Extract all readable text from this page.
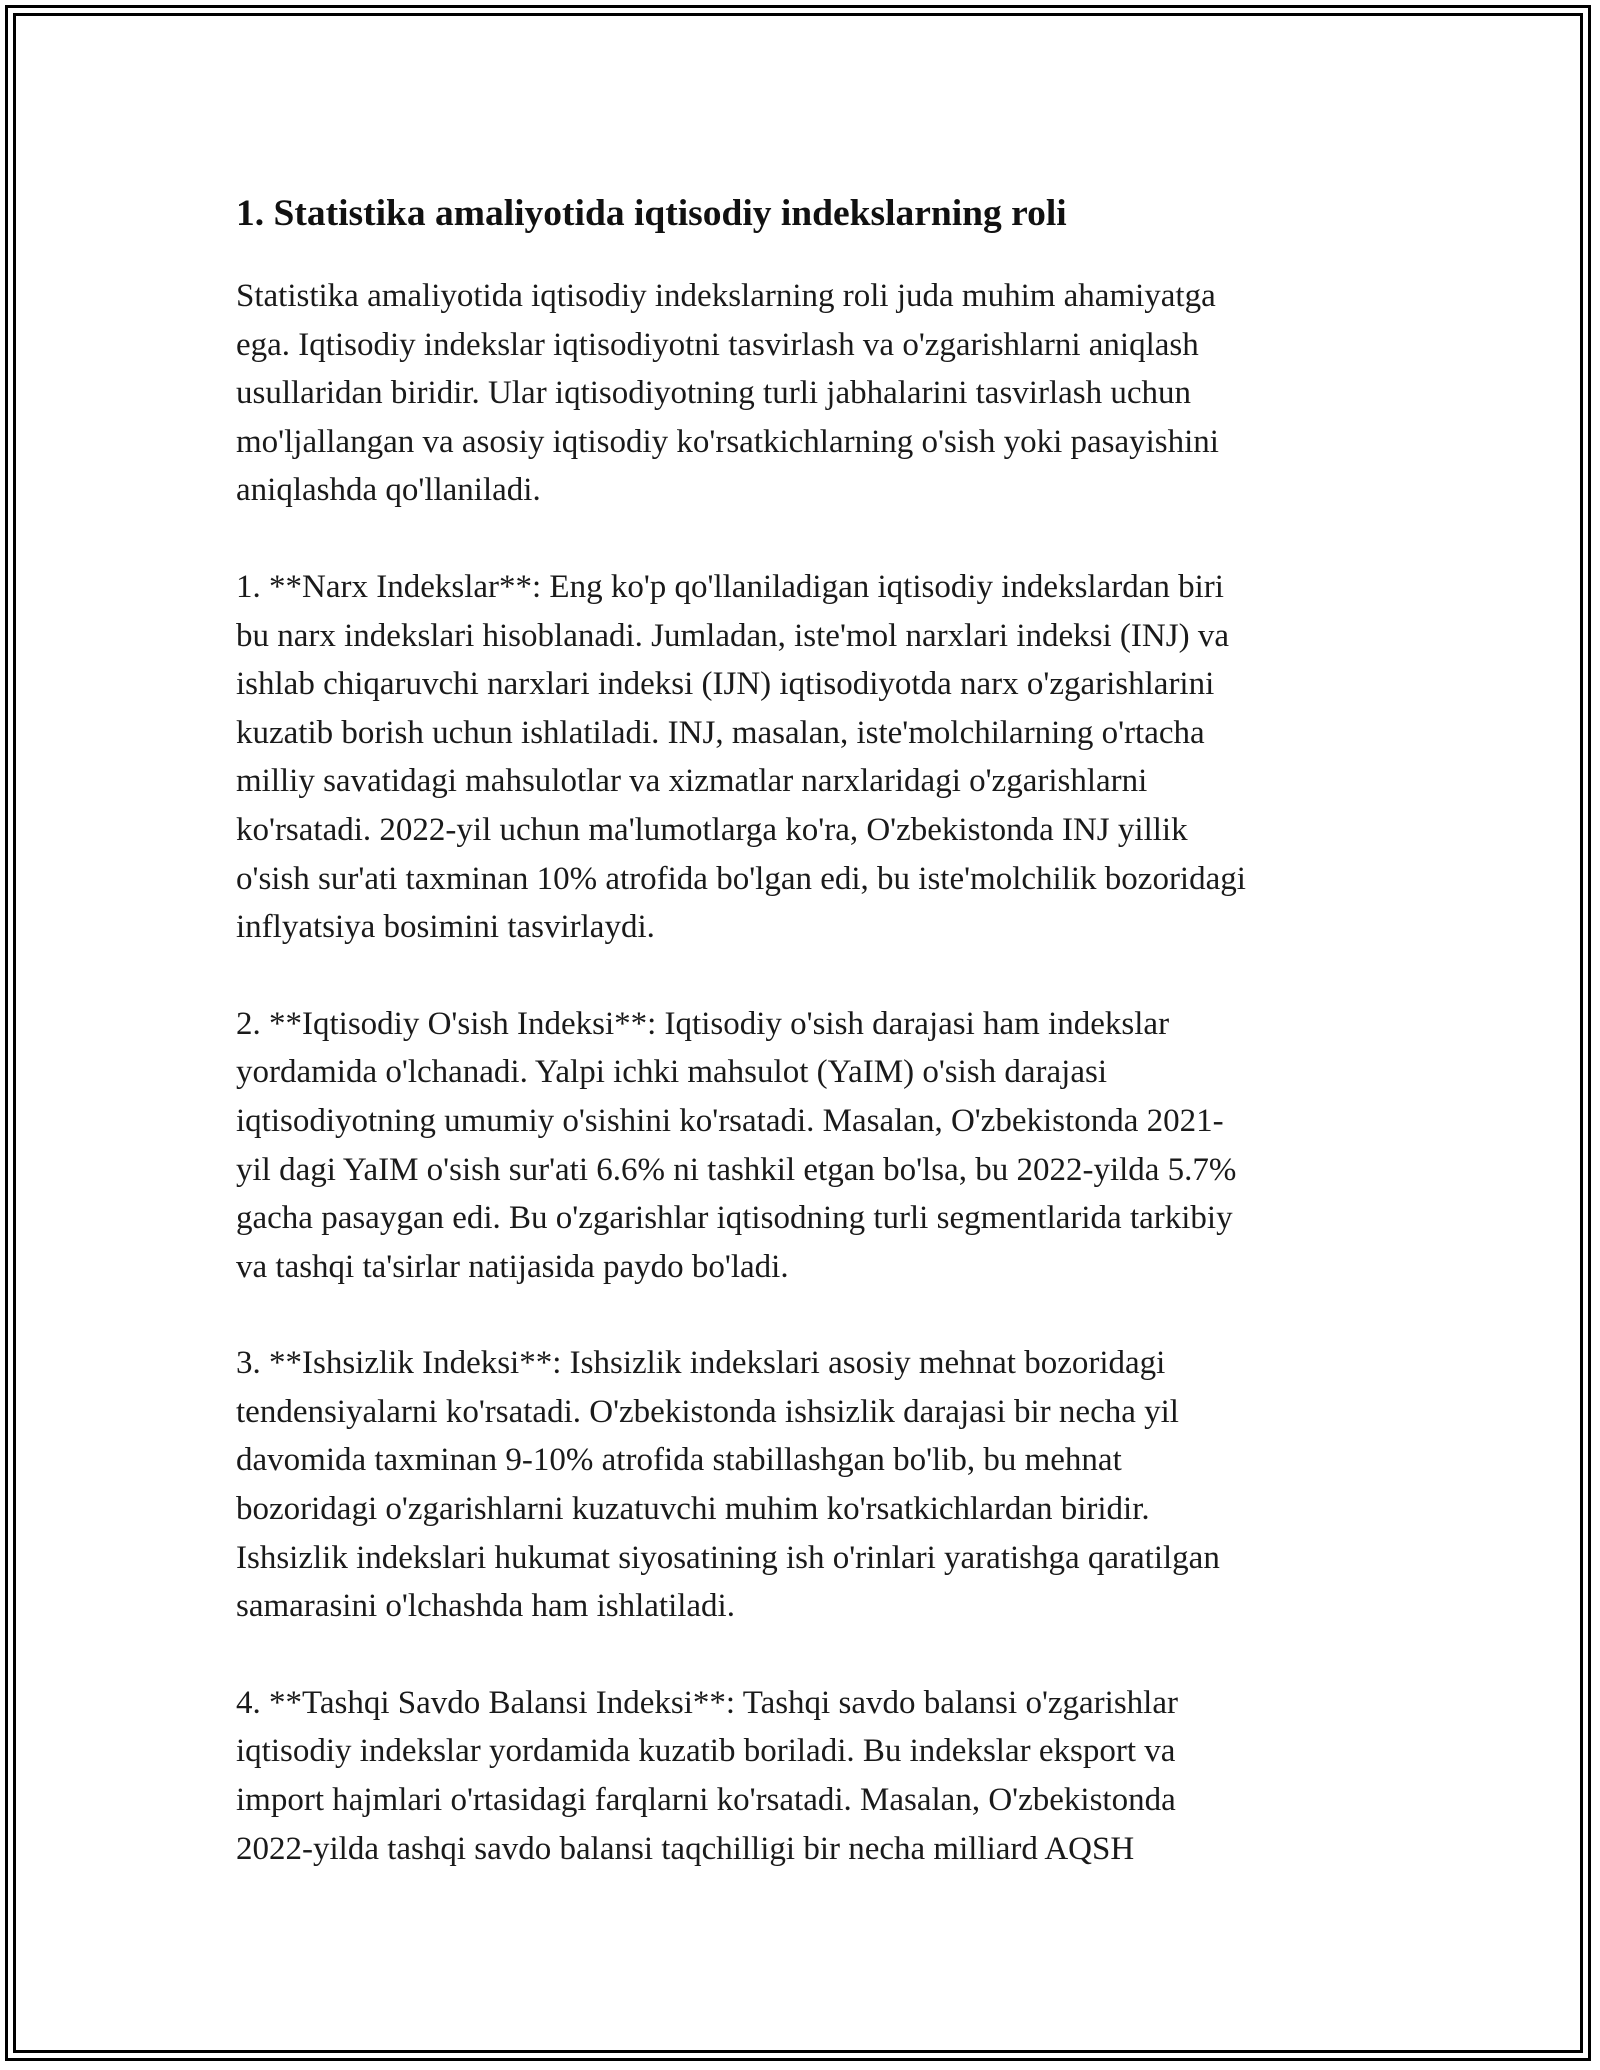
1. Statistika amaliyotida iqtisodiy indekslarning roli

Statistika amaliyotida iqtisodiy indekslarning roli juda muhim ahamiyatga
ega. Iqtisodiy indekslar iqtisodiyotni tasvirlash va o'zgarishlarni aniqlash
usullaridan biridir. Ular iqtisodiyotning turli jabhalarini tasvirlash uchun
mo'ljallangan va asosiy iqtisodiy ko'rsatkichlarning o'sish yoki pasayishini
aniqlashda qo'llaniladi.

1. **Narx Indekslar**: Eng ko'p qo'llaniladigan iqtisodiy indekslardan biri
bu narx indekslari hisoblanadi. Jumladan, iste'mol narxlari indeksi (INJ) va
ishlab chiqaruvchi narxlari indeksi (IJN) iqtisodiyotda narx o'zgarishlarini
kuzatib borish uchun ishlatiladi. INJ, masalan, iste'molchilarning o'rtacha
milliy savatidagi mahsulotlar va xizmatlar narxlaridagi o'zgarishlarni
ko'rsatadi. 2022-yil uchun ma'lumotlarga ko'ra, O'zbekistonda INJ yillik
o'sish sur'ati taxminan 10% atrofida bo'lgan edi, bu iste'molchilik bozoridagi
inflyatsiya bosimini tasvirlaydi.

2. **Iqtisodiy O'sish Indeksi**: Iqtisodiy o'sish darajasi ham indekslar
yordamida o'lchanadi. Yalpi ichki mahsulot (YaIM) o'sish darajasi
iqtisodiyotning umumiy o'sishini ko'rsatadi. Masalan, O'zbekistonda 2021-
yil dagi YaIM o'sish sur'ati 6.6% ni tashkil etgan bo'lsa, bu 2022-yilda 5.7%
gacha pasaygan edi. Bu o'zgarishlar iqtisodning turli segmentlarida tarkibiy
va tashqi ta'sirlar natijasida paydo bo'ladi.

3. **Ishsizlik Indeksi**: Ishsizlik indekslari asosiy mehnat bozoridagi
tendensiyalarni ko'rsatadi. O'zbekistonda ishsizlik darajasi bir necha yil
davomida taxminan 9-10% atrofida stabillashgan bo'lib, bu mehnat
bozoridagi o'zgarishlarni kuzatuvchi muhim ko'rsatkichlardan biridir.
Ishsizlik indekslari hukumat siyosatining ish o'rinlari yaratishga qaratilgan
samarasini o'lchashda ham ishlatiladi.

4. **Tashqi Savdo Balansi Indeksi**: Tashqi savdo balansi o'zgarishlar
iqtisodiy indekslar yordamida kuzatib boriladi. Bu indekslar eksport va
import hajmlari o'rtasidagi farqlarni ko'rsatadi. Masalan, O'zbekistonda
2022-yilda tashqi savdo balansi taqchilligi bir necha milliard AQSH
